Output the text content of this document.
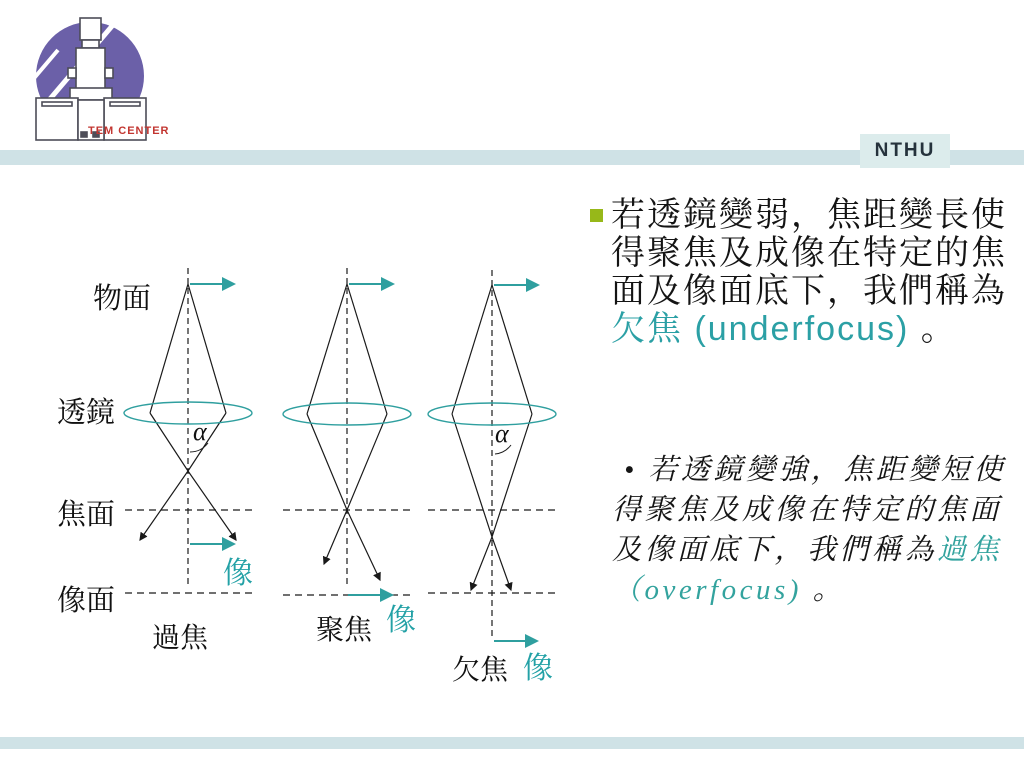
TEM CENTER
NTHU
物面
透鏡
焦面
像面
α	α
像
像
像
過焦	聚焦
欠焦
若透鏡變弱，焦距變長使得聚焦及成像在特定的焦面及像面底下，我們稱為欠焦 (underfocus) 。
• 若透鏡變強，焦距變短使得聚焦及成像在特定的焦面及像面底下，我們稱為過焦（overfocus) 。
